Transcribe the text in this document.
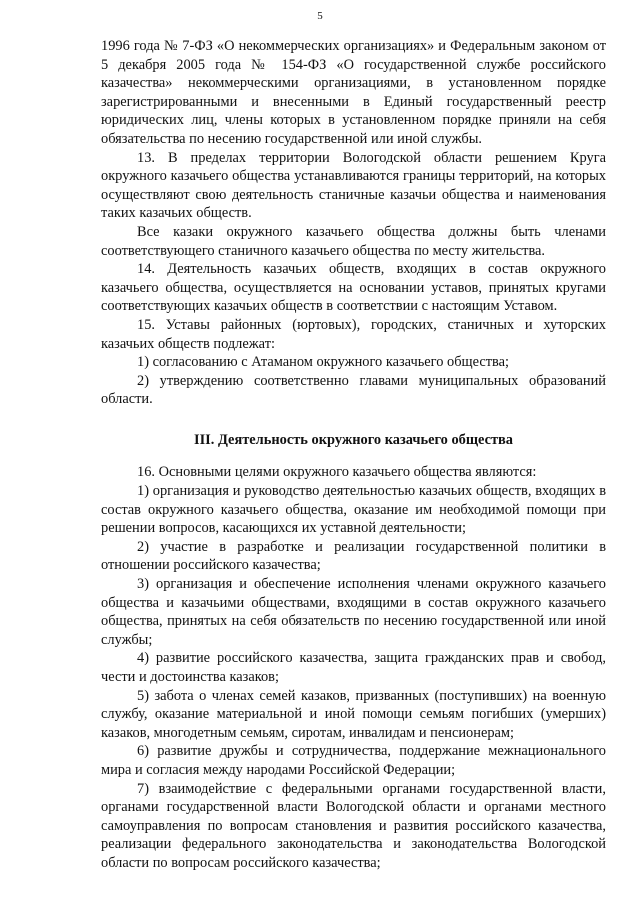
5

1996 года № 7-ФЗ «О некоммерческих организациях» и Федеральным законом от 5 декабря 2005 года № 154-ФЗ «О государственной службе российского казачества» некоммерческими организациями, в установленном порядке зарегистрированными и внесенными в Единый государственный реестр юридических лиц, члены которых в установленном порядке приняли на себя обязательства по несению государственной или иной службы.

13. В пределах территории Вологодской области решением Круга окружного казачьего общества устанавливаются границы территорий, на которых осуществляют свою деятельность станичные казачьи общества и наименования таких казачьих обществ.

Все казаки окружного казачьего общества должны быть членами соответствующего станичного казачьего общества по месту жительства.

14. Деятельность казачьих обществ, входящих в состав окружного казачьего общества, осуществляется на основании уставов, принятых кругами соответствующих казачьих обществ в соответствии с настоящим Уставом.

15. Уставы районных (юртовых), городских, станичных и хуторских казачьих обществ подлежат:

1) согласованию с Атаманом окружного казачьего общества;

2) утверждению соответственно главами муниципальных образований области.

III. Деятельность окружного казачьего общества

16. Основными целями окружного казачьего общества являются:

1) организация и руководство деятельностью казачьих обществ, входящих в состав окружного казачьего общества, оказание им необходимой помощи при решении вопросов, касающихся их уставной деятельности;

2) участие в разработке и реализации государственной политики в отношении российского казачества;

3) организация и обеспечение исполнения членами окружного казачьего общества и казачьими обществами, входящими в состав окружного казачьего общества, принятых на себя обязательств по несению государственной или иной службы;

4) развитие российского казачества, защита гражданских прав и свобод, чести и достоинства казаков;

5) забота о членах семей казаков, призванных (поступивших) на военную службу, оказание материальной и иной помощи семьям погибших (умерших) казаков, многодетным семьям, сиротам, инвалидам и пенсионерам;

6) развитие дружбы и сотрудничества, поддержание межнационального мира и согласия между народами Российской Федерации;

7) взаимодействие с федеральными органами государственной власти, органами государственной власти Вологодской области и органами местного самоуправления по вопросам становления и развития российского казачества, реализации федерального законодательства и законодательства Вологодской области по вопросам российского казачества;
